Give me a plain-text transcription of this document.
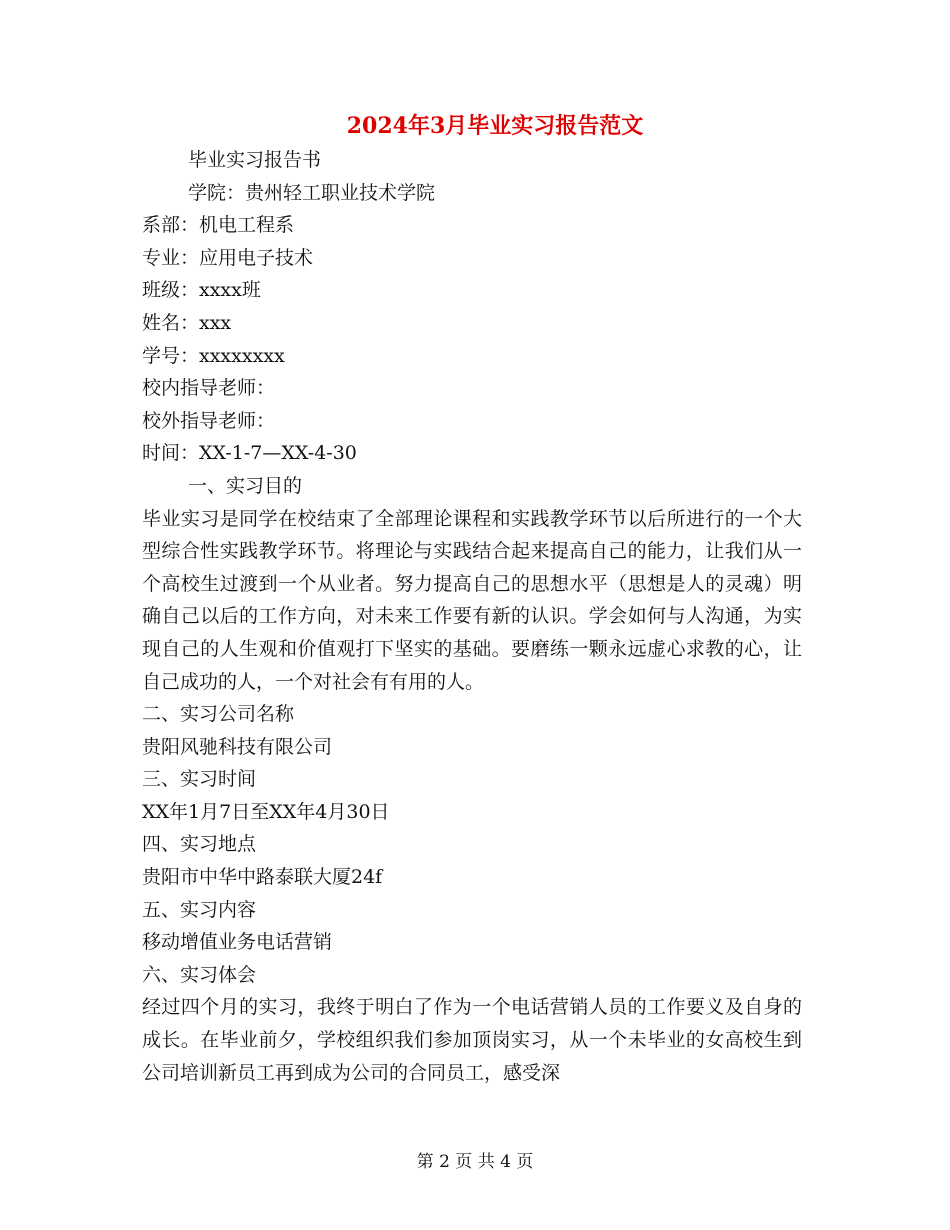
2024年3月毕业实习报告范文
毕业实习报告书
学院：贵州轻工职业技术学院
系部：机电工程系
专业：应用电子技术
班级：xxxx班
姓名：xxx
学号：xxxxxxxx
校内指导老师：
校外指导老师：
时间：XX-1-7—XX-4-30
一、实习目的
毕业实习是同学在校结束了全部理论课程和实践教学环节以后所进行的一个大型综合性实践教学环节。将理论与实践结合起来提高自己的能力，让我们从一个高校生过渡到一个从业者。努力提高自己的思想水平（思想是人的灵魂）明确自己以后的工作方向，对未来工作要有新的认识。学会如何与人沟通，为实现自己的人生观和价值观打下坚实的基础。要磨练一颗永远虚心求教的心，让自己成功的人，一个对社会有有用的人。
二、实习公司名称
贵阳风驰科技有限公司
三、实习时间
XX年1月7日至XX年4月30日
四、实习地点
贵阳市中华中路泰联大厦24f
五、实习内容
移动增值业务电话营销
六、实习体会
经过四个月的实习，我终于明白了作为一个电话营销人员的工作要义及自身的成长。在毕业前夕，学校组织我们参加顶岗实习，从一个未毕业的女高校生到公司培训新员工再到成为公司的合同员工，感受深
第 2 页 共 4 页
